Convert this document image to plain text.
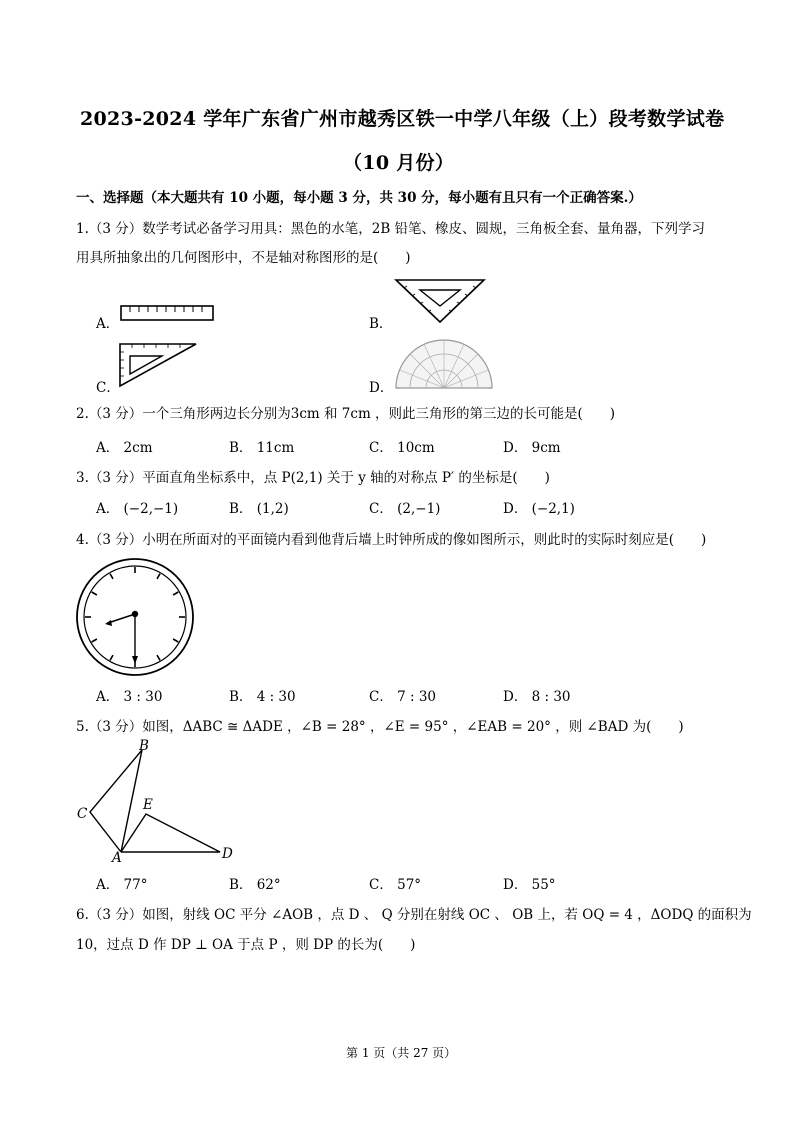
2023-2024 学年广东省广州市越秀区铁一中学八年级（上）段考数学试卷
（10 月份）
一、选择题（本大题共有 10 小题，每小题 3 分，共 30 分，每小题有且只有一个正确答案.）
1.（3 分）数学考试必备学习用具：黑色的水笔，2B 铅笔、橡皮、圆规，三角板全套、量角器，下列学习
用具所抽象出的几何图形中，不是轴对称图形的是(　　)
A．	B．
C．	D．
2.（3 分）一个三角形两边长分别为3cm 和 7cm ，则此三角形的第三边的长可能是(　　)
A． 2cm	B． 11cm	C． 10cm	D． 9cm
3.（3 分）平面直角坐标系中，点 P(2,1) 关于 y 轴的对称点 P′ 的坐标是(　　)
A． (−2,−1)	B． (1,2)	C． (2,−1)	D． (−2,1)
4.（3 分）小明在所面对的平面镜内看到他背后墙上时钟所成的像如图所示，则此时的实际时刻应是(　　)
A． 3 : 30	B． 4 : 30	C． 7 : 30	D． 8 : 30
5.（3 分）如图，ΔABC ≅ ΔADE ，∠B = 28° ，∠E = 95° ，∠EAB = 20° ，则 ∠BAD 为(　　)
B
C
E
A	D
A． 77°	B． 62°	C． 57°	D． 55°
6.（3 分）如图，射线 OC 平分 ∠AOB ，点 D 、 Q 分别在射线 OC 、 OB 上，若 OQ = 4 ，ΔODQ 的面积为
10，过点 D 作 DP ⊥ OA 于点 P ，则 DP 的长为(　　)
第 1 页（共 27 页）
